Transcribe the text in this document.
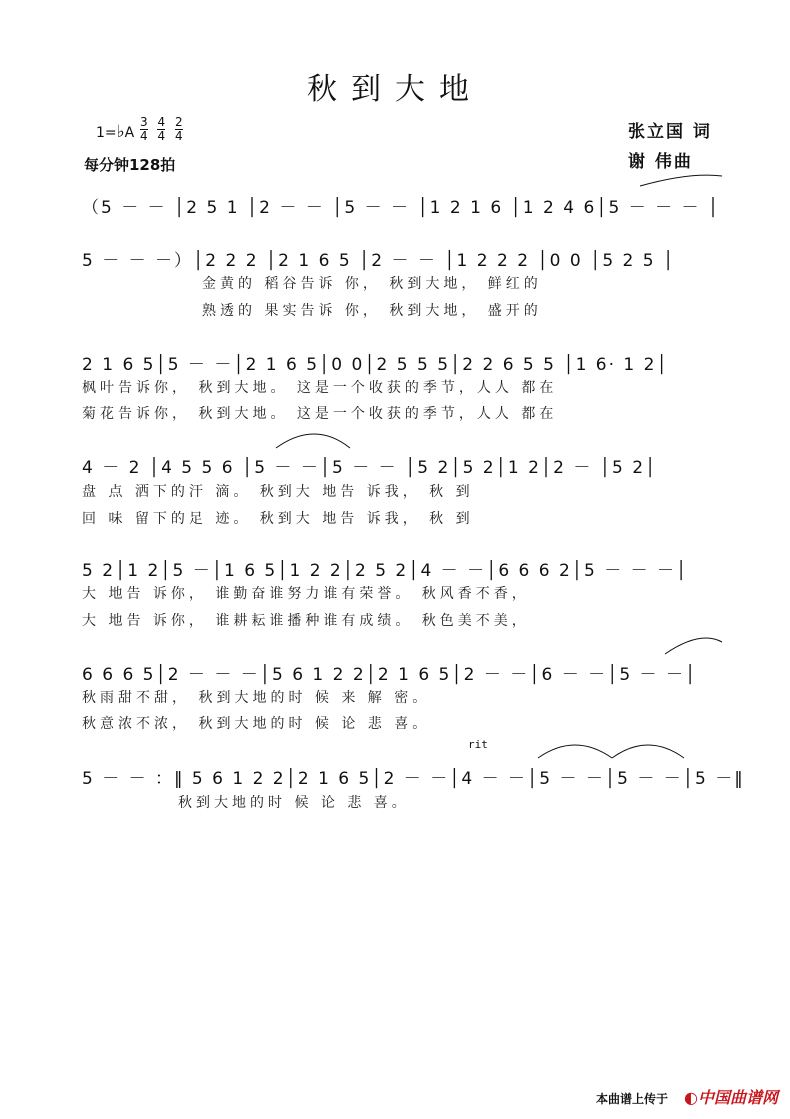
秋到大地
1=♭A $\frac{3}{4}$
$\frac{4}{4}$
$\frac{2}{4}$
每分钟128拍
张立国 词
谢 伟曲
（5 － － │2 5 1 │2 － － │5 － － │1 2 1 6 │1 2 4 6│5 － － － │
5 － － －）│2 2 2 │2 1 6 5 │2 － － │1 2 2 2 │0 0 │5 2 5 │
金黄的 稻谷告诉 你， 秋到大地， 鲜红的
熟透的 果实告诉 你， 秋到大地， 盛开的
2 1 6 5│5 － －│2 1 6 5│0 0│2 5 5 5│2 2 6 5 5 │1 6· 1 2│
枫叶告诉你， 秋到大地。 这是一个收获的季节，人人 都在
菊花告诉你， 秋到大地。 这是一个收获的季节，人人 都在
4 － 2 │4 5 5 6 │5 － －│5 － － │5 2│5 2│1 2│2 － │5 2│
盘 点 洒下的汗 滴。 秋到大 地告 诉我， 秋 到
回 味 留下的足 迹。 秋到大 地告 诉我， 秋 到
5 2│1 2│5 －│1 6 5│1 2 2│2 5 2│4 － －│6 6 6 2│5 － － －│
大 地告 诉你， 谁勤奋谁努力谁有荣誉。 秋风香不香，
大 地告 诉你， 谁耕耘谁播种谁有成绩。 秋色美不美，
6 6 6 5│2 － － －│5 6 1 2 2│2 1 6 5│2 － －│6 － －│5 － －│
秋雨甜不甜， 秋到大地的时 候 来 解 密。
秋意浓不浓， 秋到大地的时 候 论 悲 喜。
rit
5 － － ：‖ 5 6 1 2 2│2 1 6 5│2 － －│4 － －│5 － －│5 － －│5 －‖
秋到大地的时 候 论 悲 喜。
本曲谱上传于 ◐中国曲谱网
